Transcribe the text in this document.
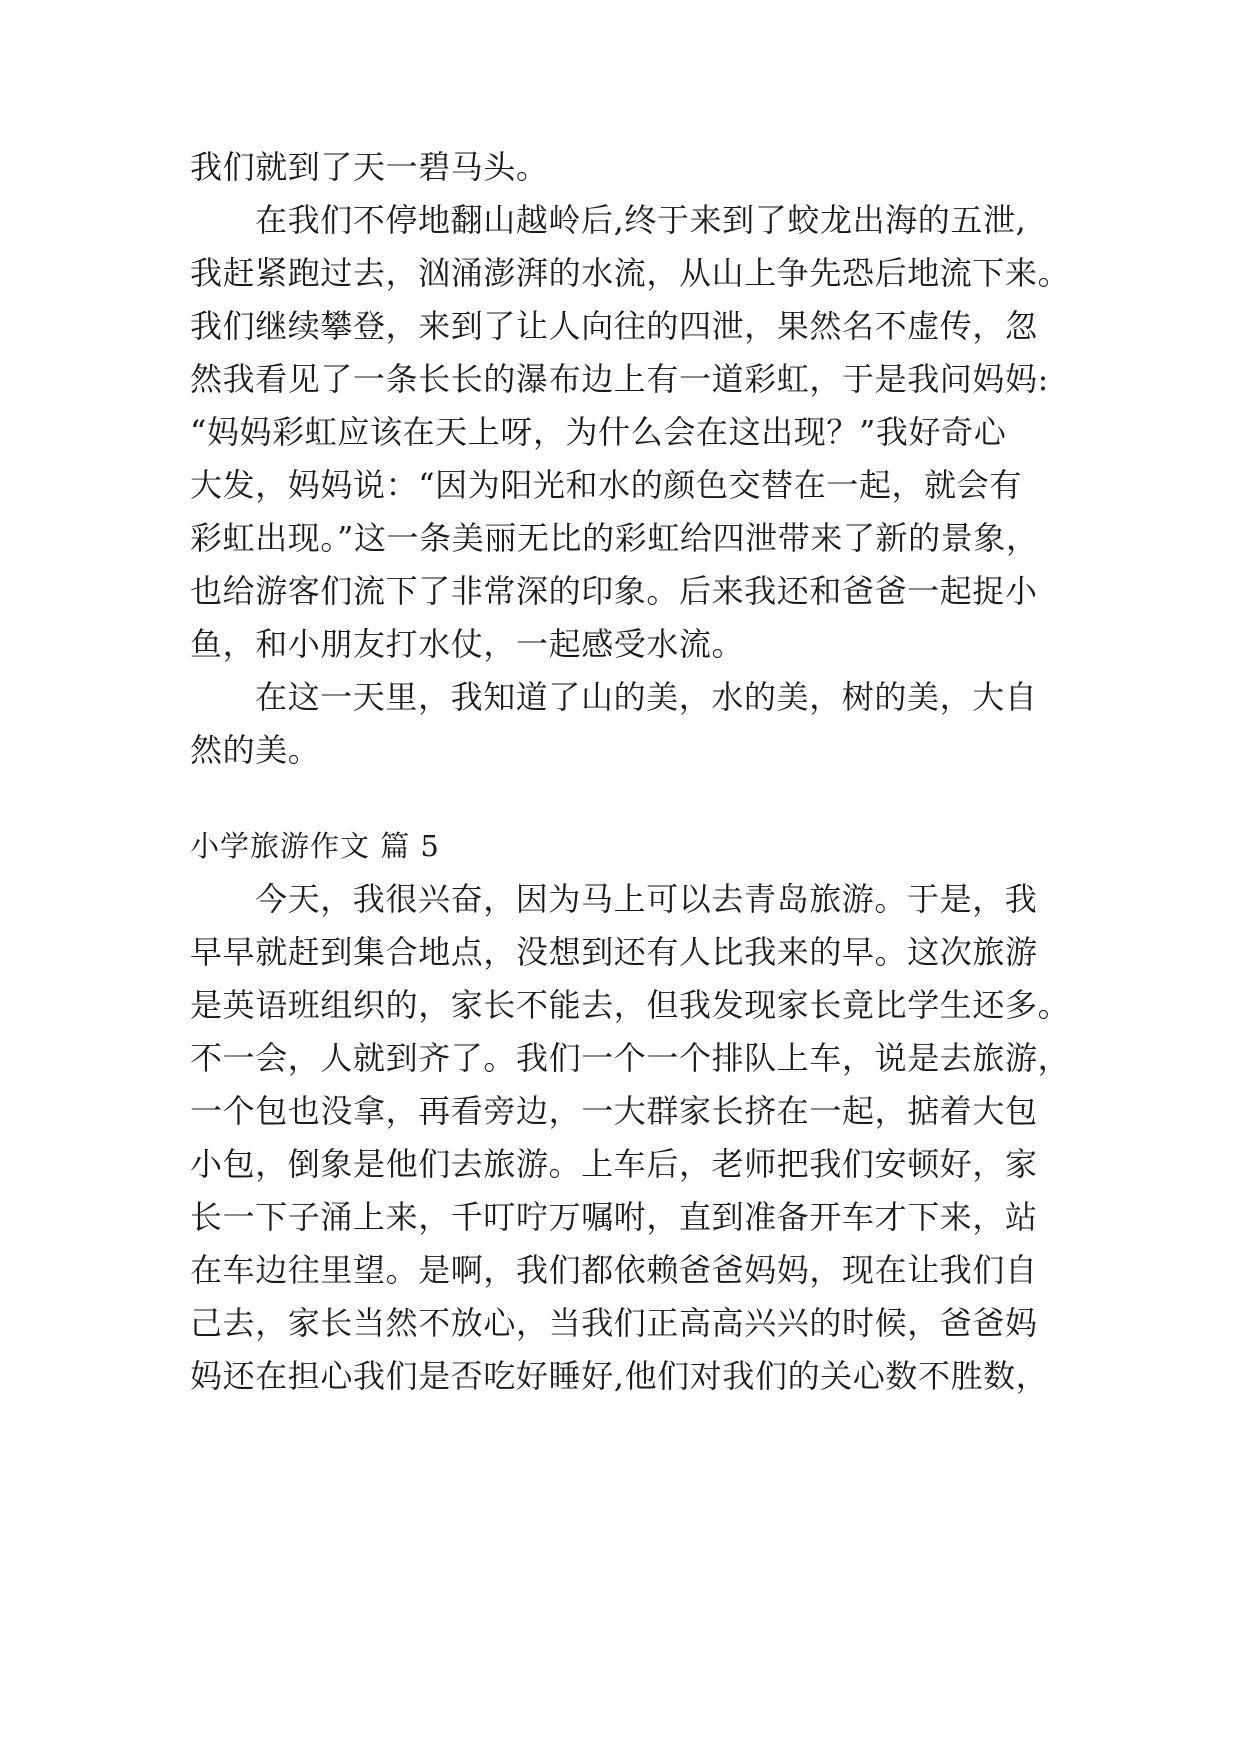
我们就到了天一碧马头。
在我们不停地翻山越岭后,终于来到了蛟龙出海的五泄,
我赶紧跑过去，汹涌澎湃的水流，从山上争先恐后地流下来。
我们继续攀登，来到了让人向往的四泄，果然名不虚传，忽
然我看见了一条长长的瀑布边上有一道彩虹，于是我问妈妈:
“妈妈彩虹应该在天上呀，为什么会在这出现？”我好奇心
大发，妈妈说：“因为阳光和水的颜色交替在一起，就会有
彩虹出现。”这一条美丽无比的彩虹给四泄带来了新的景象，
也给游客们流下了非常深的印象。后来我还和爸爸一起捉小
鱼，和小朋友打水仗，一起感受水流。
在这一天里，我知道了山的美，水的美，树的美，大自
然的美。
小学旅游作文 篇 5
今天，我很兴奋，因为马上可以去青岛旅游。于是，我
早早就赶到集合地点，没想到还有人比我来的早。这次旅游
是英语班组织的，家长不能去，但我发现家长竟比学生还多。
不一会，人就到齐了。我们一个一个排队上车，说是去旅游，
一个包也没拿，再看旁边，一大群家长挤在一起，掂着大包
小包，倒象是他们去旅游。上车后，老师把我们安顿好，家
长一下子涌上来，千叮咛万嘱咐，直到准备开车才下来，站
在车边往里望。是啊，我们都依赖爸爸妈妈，现在让我们自
己去，家长当然不放心，当我们正高高兴兴的时候，爸爸妈
妈还在担心我们是否吃好睡好,他们对我们的关心数不胜数，
